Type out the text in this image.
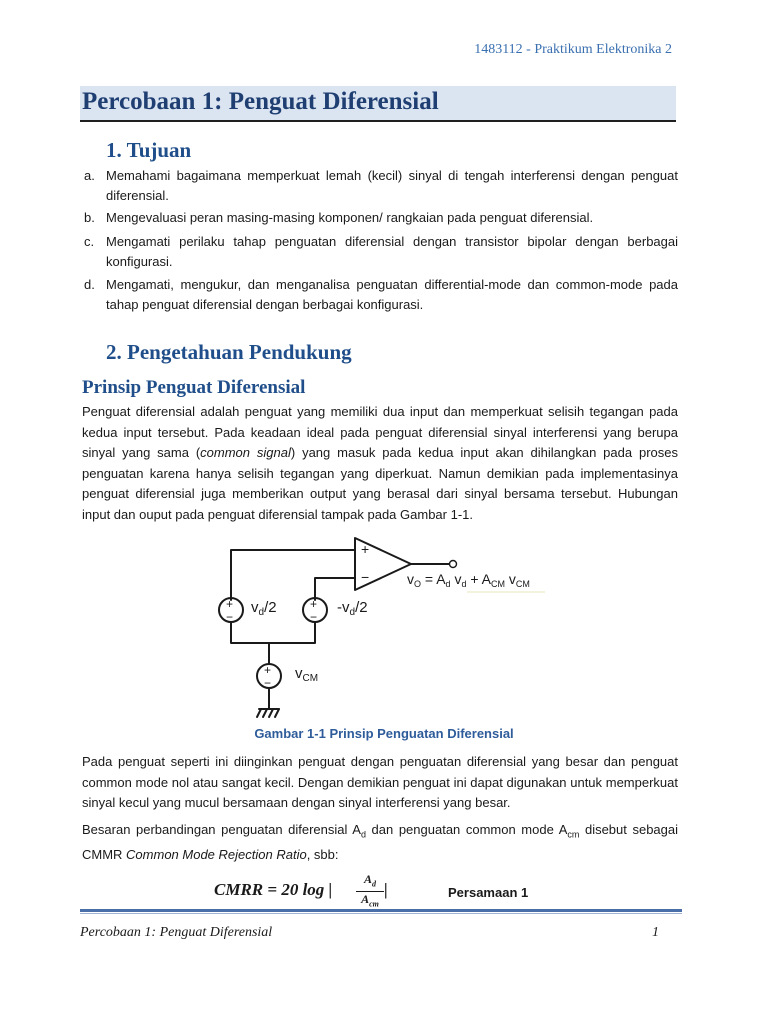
1483112 - Praktikum Elektronika 2
Percobaan 1: Penguat Diferensial
1. Tujuan
a. Memahami bagaimana memperkuat lemah (kecil) sinyal di tengah interferensi dengan penguat diferensial.
b. Mengevaluasi peran masing-masing komponen/ rangkaian pada penguat diferensial.
c. Mengamati perilaku tahap penguatan diferensial dengan transistor bipolar dengan berbagai konfigurasi.
d. Mengamati, mengukur, dan menganalisa penguatan differential-mode dan common-mode pada tahap penguat diferensial dengan berbagai konfigurasi.
2. Pengetahuan Pendukung
Prinsip Penguat Diferensial
Penguat diferensial adalah penguat yang memiliki dua input dan memperkuat selisih tegangan pada kedua input tersebut. Pada keadaan ideal pada penguat diferensial sinyal interferensi yang berupa sinyal yang sama (common signal) yang masuk pada kedua input akan dihilangkan pada proses penguatan karena hanya selisih tegangan yang diperkuat. Namun demikian pada implementasinya penguat diferensial juga memberikan output yang berasal dari sinyal bersama tersebut. Hubungan input dan ouput pada penguat diferensial tampak pada Gambar 1-1.
+
−
+
−
+
−
+
−
$v_d/2$	$-v_d/2$
$v_O = A_d$ $v_d + A_{CM}$ $v_{CM}$
$v_{CM}$
Gambar 1-1 Prinsip Penguatan Diferensial
Pada penguat seperti ini diinginkan penguat dengan penguatan diferensial yang besar dan penguat common mode nol atau sangat kecil. Dengan demikian penguat ini dapat digunakan untuk memperkuat sinyal kecul yang mucul bersamaan dengan sinyal interferensi yang besar.
Besaran perbandingan penguatan diferensial $A_d$ dan penguatan common mode $A_{cm}$ disebut sebagai CMMR Common Mode Rejection Ratio, sbb:
CMRR = 20 log |
$A_d$
$A_{cm}$
|	Persamaan 1
Percobaan 1: Penguat Diferensial	1
